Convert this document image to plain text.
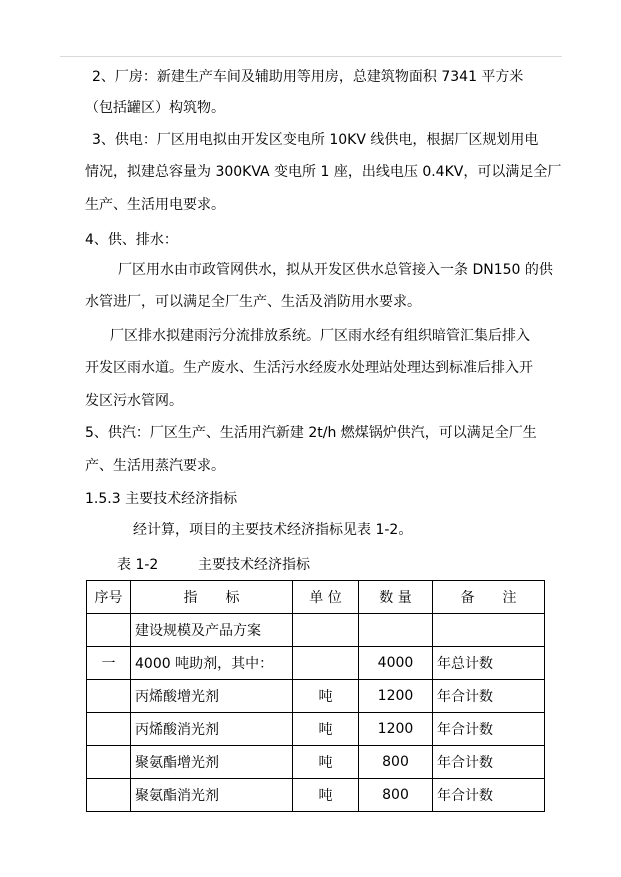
2、厂房：新建生产车间及辅助用等用房，总建筑物面积 7341 平方米
（包括罐区）构筑物。
3、供电：厂区用电拟由开发区变电所 10KV 线供电，根据厂区规划用电
情况，拟建总容量为 300KVA 变电所 1 座，出线电压 0.4KV，可以满足全厂
生产、生活用电要求。
4、供、排水：
厂区用水由市政管网供水，拟从开发区供水总管接入一条 DN150 的供
水管进厂，可以满足全厂生产、生活及消防用水要求。
厂区排水拟建雨污分流排放系统。厂区雨水经有组织暗管汇集后排入
开发区雨水道。生产废水、生活污水经废水处理站处理达到标准后排入开
发区污水管网。
5、供汽：厂区生产、生活用汽新建 2t/h 燃煤锅炉供汽，可以满足全厂生
产、生活用蒸汽要求。
1.5.3 主要技术经济指标
经计算，项目的主要技术经济指标见表 1-2。
表 1-2	主要技术经济指标
序号	指　　标	单 位	数 量	备　　注
	建设规模及产品方案			
一	4000 吨助剂，其中：		4000	年总计数
	丙烯酸增光剂	吨	1200	年合计数
	丙烯酸消光剂	吨	1200	年合计数
	聚氨酯增光剂	吨	800	年合计数
	聚氨酯消光剂	吨	800	年合计数
